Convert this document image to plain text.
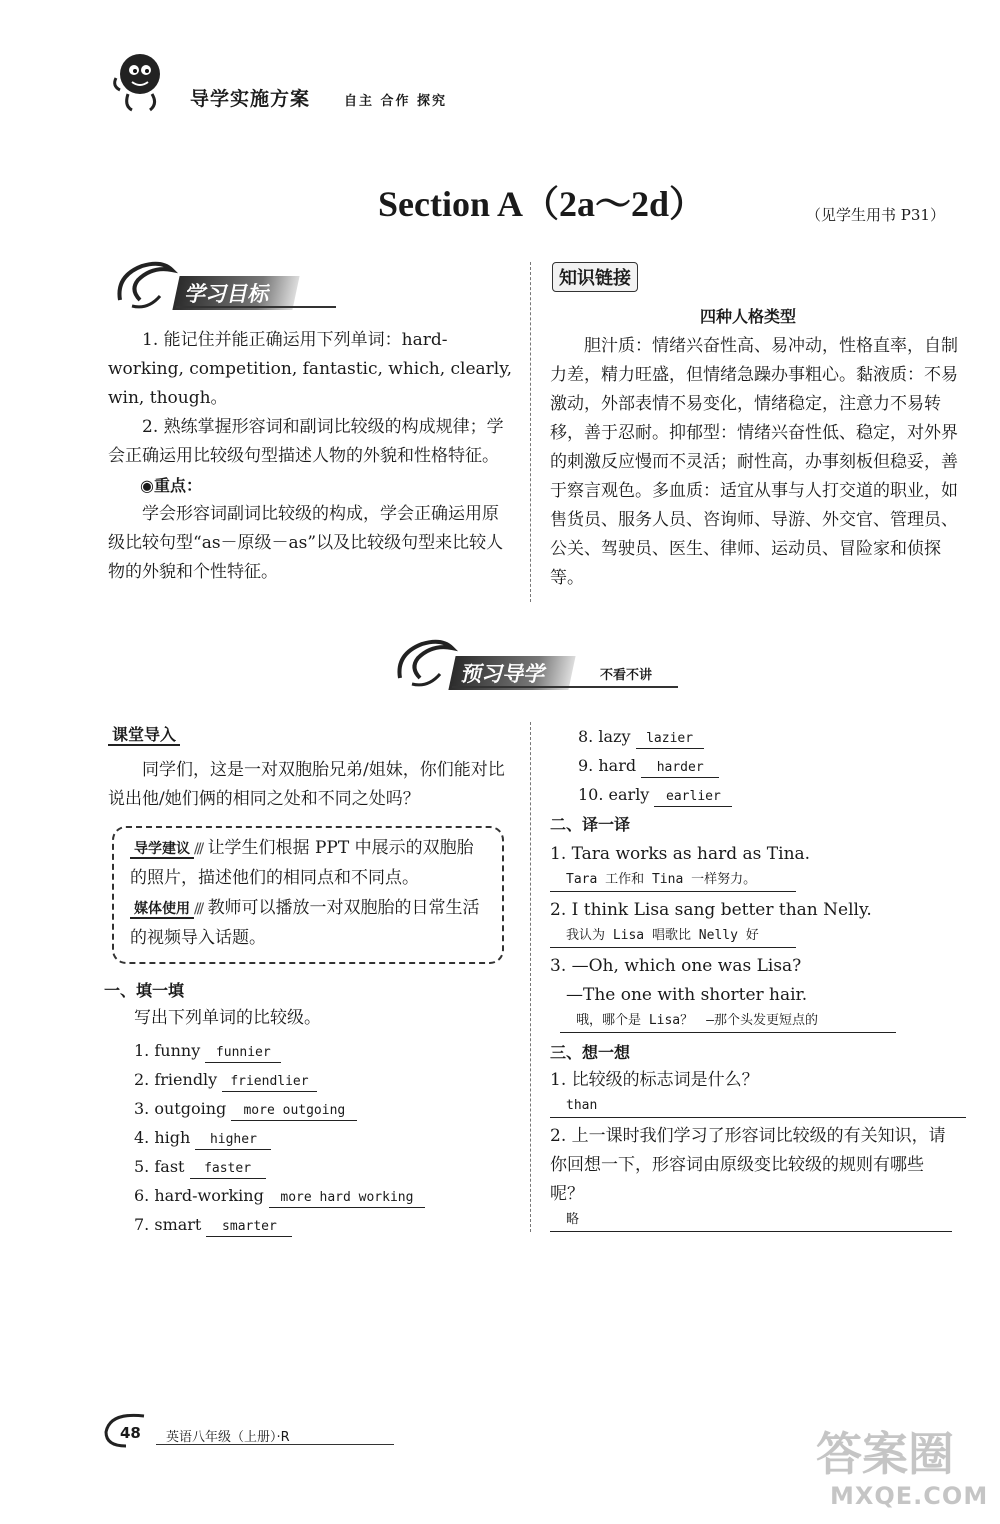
导学实施方案	自主 合作 探究
Section A（2a～2d）	（见学生用书 P31）
学习目标

1. 能记住并能正确运用下列单词：hard-working, competition, fantastic, which, clearly, win, though。

2. 熟练掌握形容词和副词比较级的构成规律；学会正确运用比较级句型描述人物的外貌和性格特征。

◉重点：

学会形容词副词比较级的构成，学会正确运用原级比较句型“as－原级－as”以及比较级句型来比较人物的外貌和个性特征。

知识链接
四种人格类型
胆汁质：情绪兴奋性高、易冲动，性格直率，自制力差，精力旺盛，但情绪急躁办事粗心。黏液质：不易激动，外部表情不易变化，情绪稳定，注意力不易转移，善于忍耐。抑郁型：情绪兴奋性低、稳定，对外界的刺激反应慢而不灵活；耐性高，办事刻板但稳妥，善于察言观色。多血质：适宜从事与人打交道的职业，如售货员、服务人员、咨询师、导游、外交官、管理员、公关、驾驶员、医生、律师、运动员、冒险家和侦探等。
预习导学	不看不讲
课堂导入
同学们，这是一对双胞胎兄弟/姐妹，你们能对比说出他/她们俩的相同之处和不同之处吗？
导学建议 /// 让学生们根据 PPT 中展示的双胞胎的照片，描述他们的相同点和不同点。
媒体使用 /// 教师可以播放一对双胞胎的日常生活的视频导入话题。
一、填一填
写出下列单词的比较级。
1. funny funnier
2. friendly friendlier
3. outgoing more outgoing
4. high higher
5. fast faster
6. hard-working more hard working
7. smart smarter
8. lazy lazier
9. hard harder
10. early earlier
二、译一译
1. Tara works as hard as Tina.
Tara 工作和 Tina 一样努力。
2. I think Lisa sang better than Nelly.
我认为 Lisa 唱歌比 Nelly 好
3. —Oh, which one was Lisa?
—The one with shorter hair.
哦，哪个是 Lisa？　—那个头发更短点的
三、想一想
1. 比较级的标志词是什么？
than
2. 上一课时我们学习了形容词比较级的有关知识，请你回想一下，形容词由原级变比较级的规则有哪些呢？
略
48 英语八年级（上册）·R	答案圈
MXQE.COM
